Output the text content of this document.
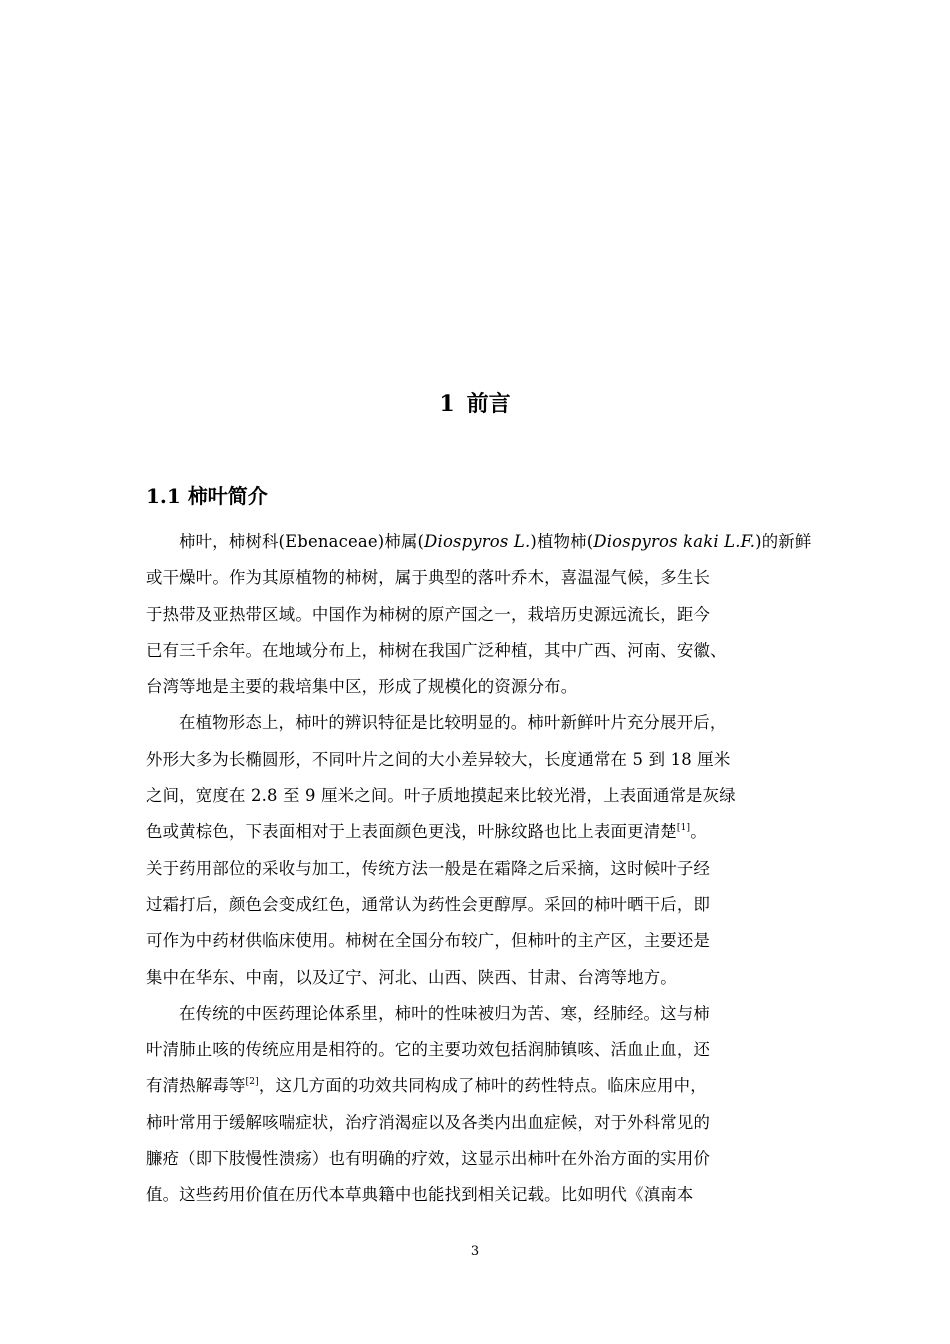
1 前言
1.1 柿叶简介
柿叶，柿树科(Ebenaceae)柿属(Diospyros L.)植物柿(Diospyros kaki L.F.)的新鲜
或干燥叶。作为其原植物的柿树，属于典型的落叶乔木，喜温湿气候，多生长
于热带及亚热带区域。中国作为柿树的原产国之一，栽培历史源远流长，距今
已有三千余年。在地域分布上，柿树在我国广泛种植，其中广西、河南、安徽、
台湾等地是主要的栽培集中区，形成了规模化的资源分布。
在植物形态上，柿叶的辨识特征是比较明显的。柿叶新鲜叶片充分展开后，
外形大多为长椭圆形，不同叶片之间的大小差异较大，长度通常在 5 到 18 厘米
之间，宽度在 2.8 至 9 厘米之间。叶子质地摸起来比较光滑，上表面通常是灰绿
色或黄棕色，下表面相对于上表面颜色更浅，叶脉纹路也比上表面更清楚[1]。
关于药用部位的采收与加工，传统方法一般是在霜降之后采摘，这时候叶子经
过霜打后，颜色会变成红色，通常认为药性会更醇厚。采回的柿叶晒干后，即
可作为中药材供临床使用。柿树在全国分布较广，但柿叶的主产区，主要还是
集中在华东、中南，以及辽宁、河北、山西、陕西、甘肃、台湾等地方。
在传统的中医药理论体系里，柿叶的性味被归为苦、寒，经肺经。这与柿
叶清肺止咳的传统应用是相符的。它的主要功效包括润肺镇咳、活血止血，还
有清热解毒等[2]，这几方面的功效共同构成了柿叶的药性特点。临床应用中，
柿叶常用于缓解咳喘症状，治疗消渴症以及各类内出血症候，对于外科常见的
臁疮（即下肢慢性溃疡）也有明确的疗效，这显示出柿叶在外治方面的实用价
值。这些药用价值在历代本草典籍中也能找到相关记载。比如明代《滇南本
3
